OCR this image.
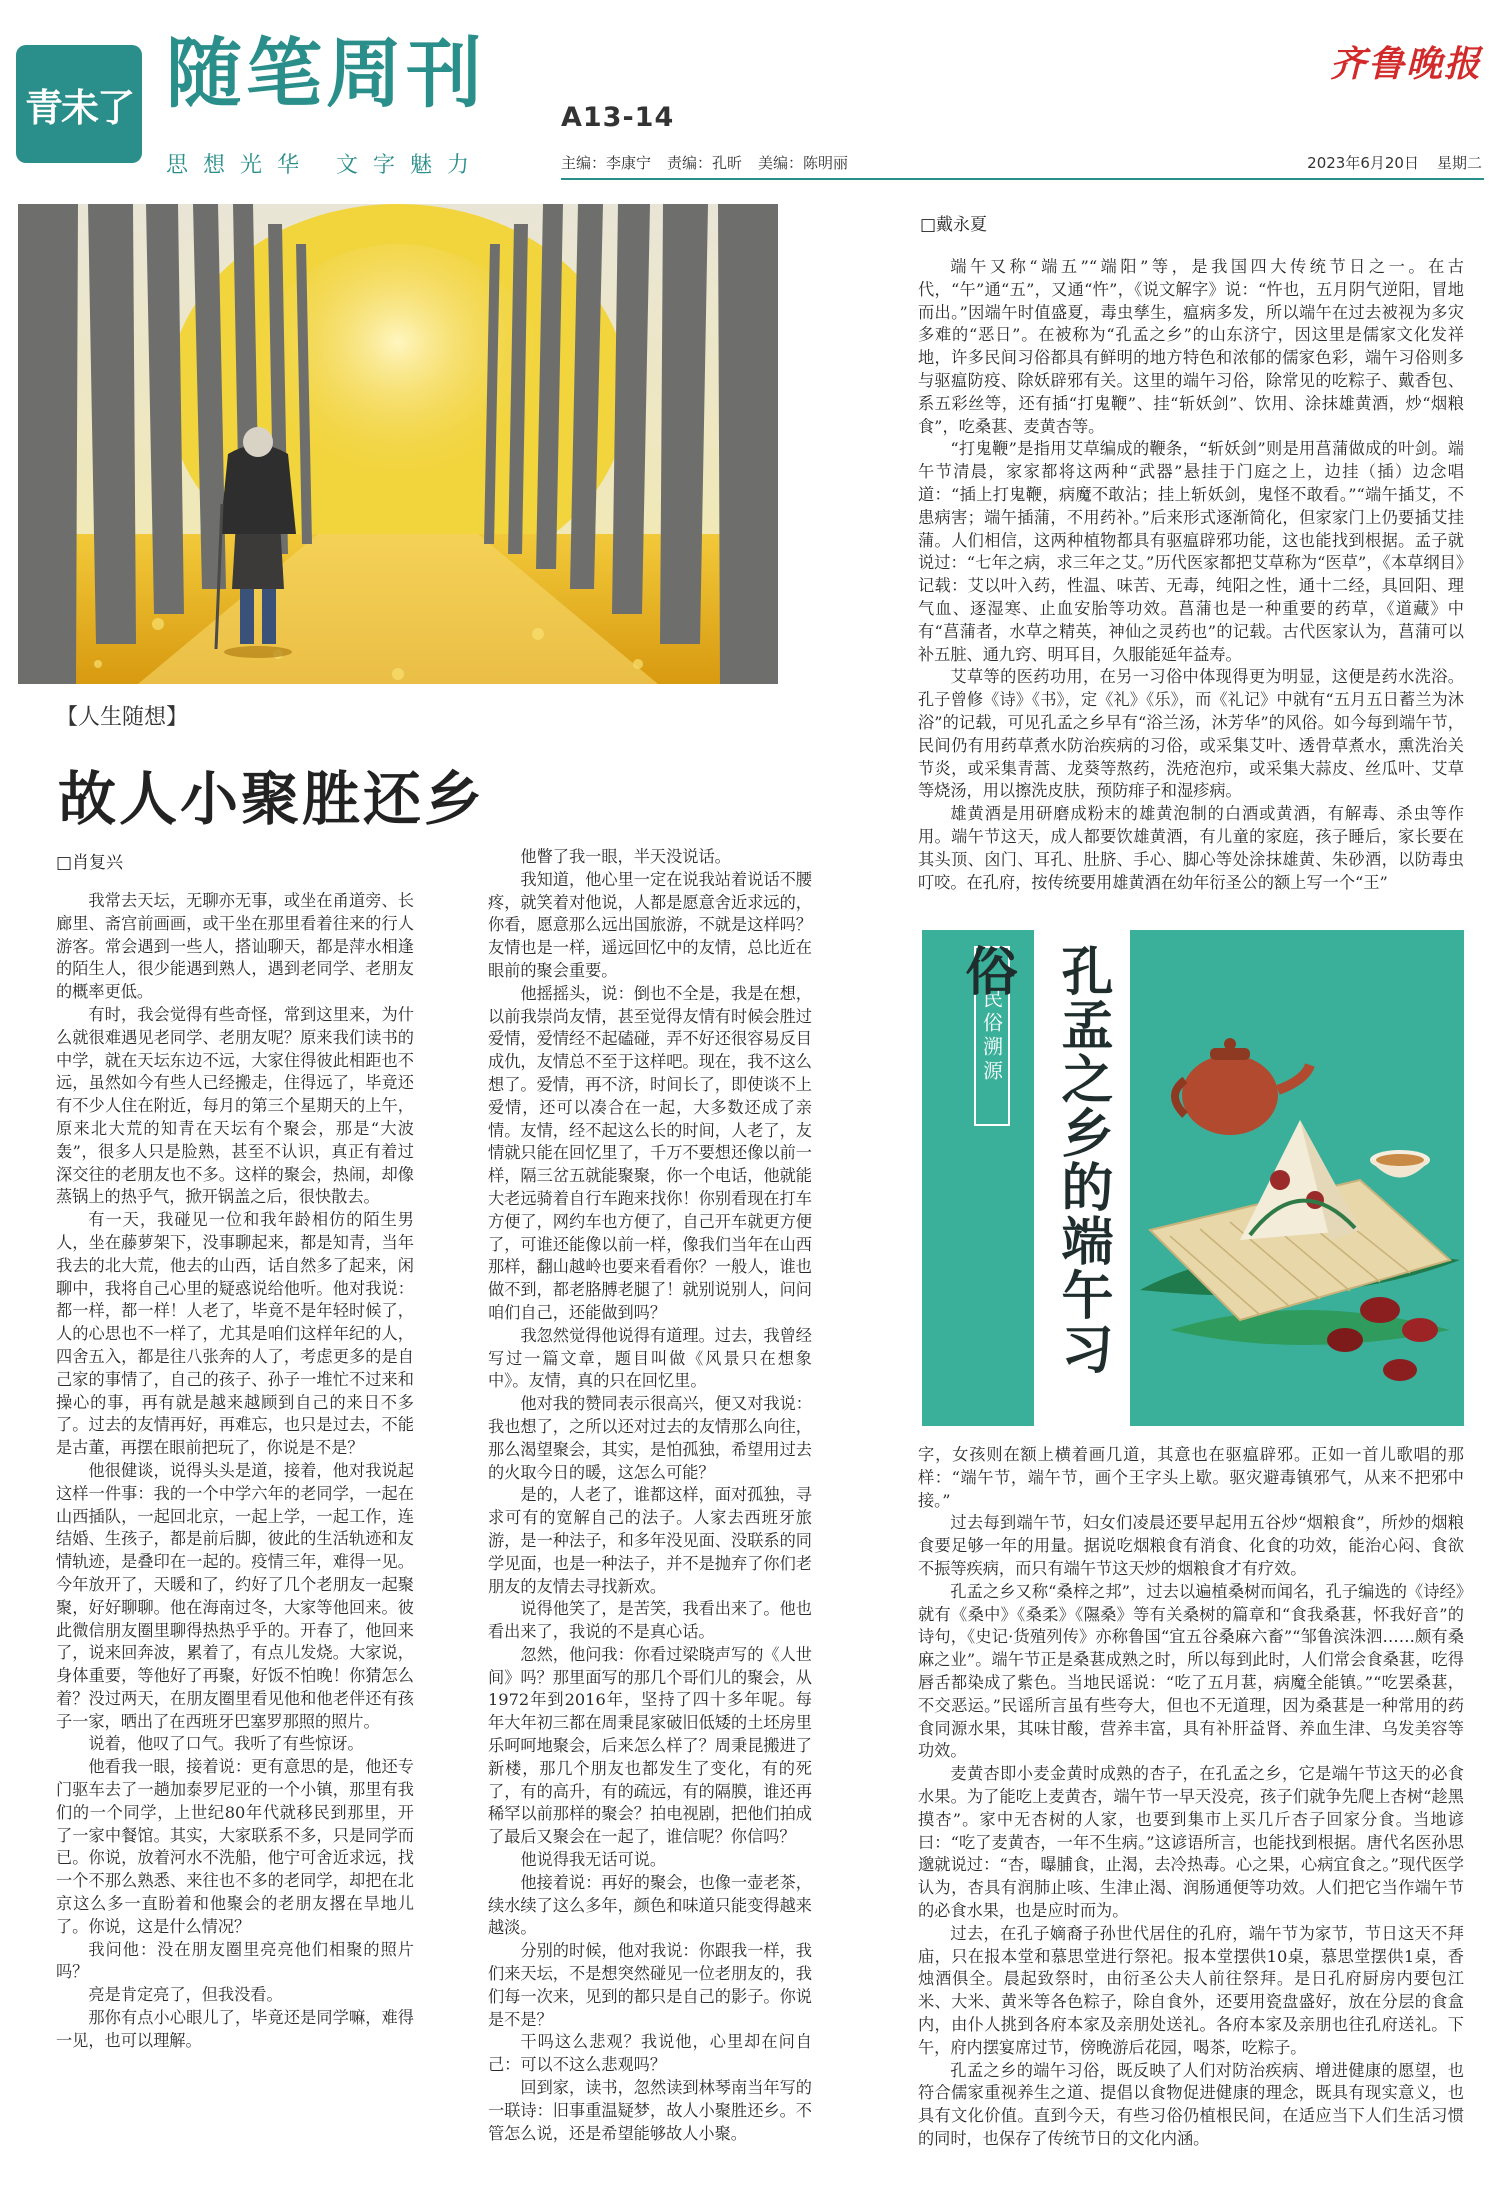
青未了 随笔周刊	A13-14
思想光华 文字魅力	主编：李康宁 责编：孔昕 美编：陈明丽
齐鲁晚报
2023年6月20日 星期二
【人生随想】
故人小聚胜还乡
□肖复兴

我常去天坛，无聊亦无事，或坐在甬道旁、长廊里、斋宫前画画，或干坐在那里看着往来的行人游客。常会遇到一些人，搭讪聊天，都是萍水相逢的陌生人，很少能遇到熟人，遇到老同学、老朋友的概率更低。

有时，我会觉得有些奇怪，常到这里来，为什么就很难遇见老同学、老朋友呢？原来我们读书的中学，就在天坛东边不远，大家住得彼此相距也不远，虽然如今有些人已经搬走，住得远了，毕竟还有不少人住在附近，每月的第三个星期天的上午，原来北大荒的知青在天坛有个聚会，那是“大波轰”，很多人只是脸熟，甚至不认识，真正有着过深交往的老朋友也不多。这样的聚会，热闹，却像蒸锅上的热乎气，掀开锅盖之后，很快散去。

有一天，我碰见一位和我年龄相仿的陌生男人，坐在藤萝架下，没事聊起来，都是知青，当年我去的北大荒，他去的山西，话自然多了起来，闲聊中，我将自己心里的疑惑说给他听。他对我说：都一样，都一样！人老了，毕竟不是年轻时候了，人的心思也不一样了，尤其是咱们这样年纪的人，四舍五入，都是往八张奔的人了，考虑更多的是自己家的事情了，自己的孩子、孙子一堆忙不过来和操心的事，再有就是越来越顾到自己的来日不多了。过去的友情再好，再难忘，也只是过去，不能是古董，再摆在眼前把玩了，你说是不是？

他很健谈，说得头头是道，接着，他对我说起这样一件事：我的一个中学六年的老同学，一起在山西插队，一起回北京，一起上学，一起工作，连结婚、生孩子，都是前后脚，彼此的生活轨迹和友情轨迹，是叠印在一起的。疫情三年，难得一见。今年放开了，天暖和了，约好了几个老朋友一起聚聚，好好聊聊。他在海南过冬，大家等他回来。彼此微信朋友圈里聊得热热乎乎的。开春了，他回来了，说来回奔波，累着了，有点儿发烧。大家说，身体重要，等他好了再聚，好饭不怕晚！你猜怎么着？没过两天，在朋友圈里看见他和他老伴还有孩子一家，晒出了在西班牙巴塞罗那照的照片。

说着，他叹了口气。我听了有些惊讶。

他看我一眼，接着说：更有意思的是，他还专门驱车去了一趟加泰罗尼亚的一个小镇，那里有我们的一个同学，上世纪80年代就移民到那里，开了一家中餐馆。其实，大家联系不多，只是同学而已。你说，放着河水不洗船，他宁可舍近求远，找一个不那么熟悉、来往也不多的老同学，却把在北京这么多一直盼着和他聚会的老朋友撂在旱地儿了。你说，这是什么情况？

我问他：没在朋友圈里亮亮他们相聚的照片吗？

亮是肯定亮了，但我没看。

那你有点小心眼儿了，毕竟还是同学嘛，难得一见，也可以理解。

他瞥了我一眼，半天没说话。

我知道，他心里一定在说我站着说话不腰疼，就笑着对他说，人都是愿意舍近求远的，你看，愿意那么远出国旅游，不就是这样吗？友情也是一样，遥远回忆中的友情，总比近在眼前的聚会重要。

他摇摇头，说：倒也不全是，我是在想，以前我崇尚友情，甚至觉得友情有时候会胜过爱情，爱情经不起磕碰，弄不好还很容易反目成仇，友情总不至于这样吧。现在，我不这么想了。爱情，再不济，时间长了，即使谈不上爱情，还可以凑合在一起，大多数还成了亲情。友情，经不起这么长的时间，人老了，友情就只能在回忆里了，千万不要想还像以前一样，隔三岔五就能聚聚，你一个电话，他就能大老远骑着自行车跑来找你！你别看现在打车方便了，网约车也方便了，自己开车就更方便了，可谁还能像以前一样，像我们当年在山西那样，翻山越岭也要来看看你？一般人，谁也做不到，都老胳膊老腿了！就别说别人，问问咱们自己，还能做到吗？

我忽然觉得他说得有道理。过去，我曾经写过一篇文章，题目叫做《风景只在想象中》。友情，真的只在回忆里。

他对我的赞同表示很高兴，便又对我说：我也想了，之所以还对过去的友情那么向往，那么渴望聚会，其实，是怕孤独，希望用过去的火取今日的暖，这怎么可能？

是的，人老了，谁都这样，面对孤独，寻求可有的宽解自己的法子。人家去西班牙旅游，是一种法子，和多年没见面、没联系的同学见面，也是一种法子，并不是抛弃了你们老朋友的友情去寻找新欢。

说得他笑了，是苦笑，我看出来了。他也看出来了，我说的不是真心话。

忽然，他问我：你看过梁晓声写的《人世间》吗？那里面写的那几个哥们儿的聚会，从1972年到2016年，坚持了四十多年呢。每年大年初三都在周秉昆家破旧低矮的土坯房里乐呵呵地聚会，后来怎么样了？周秉昆搬进了新楼，那几个朋友也都发生了变化，有的死了，有的高升，有的疏远，有的隔膜，谁还再稀罕以前那样的聚会？拍电视剧，把他们拍成了最后又聚会在一起了，谁信呢？你信吗？

他说得我无话可说。

他接着说：再好的聚会，也像一壶老茶，续水续了这么多年，颜色和味道只能变得越来越淡。

分别的时候，他对我说：你跟我一样，我们来天坛，不是想突然碰见一位老朋友的，我们每一次来，见到的都只是自己的影子。你说是不是？

干吗这么悲观？我说他，心里却在问自己：可以不这么悲观吗？

回到家，读书，忽然读到林琴南当年写的一联诗：旧事重温疑梦，故人小聚胜还乡。不管怎么说，还是希望能够故人小聚。

□戴永夏

端午又称“端五”“端阳”等，是我国四大传统节日之一。在古代，“午”通“五”，又通“忤”，《说文解字》说：“忤也，五月阴气逆阳，冒地而出。”因端午时值盛夏，毒虫孳生，瘟病多发，所以端午在过去被视为多灾多难的“恶日”。在被称为“孔孟之乡”的山东济宁，因这里是儒家文化发祥地，许多民间习俗都具有鲜明的地方特色和浓郁的儒家色彩，端午习俗则多与驱瘟防疫、除妖辟邪有关。这里的端午习俗，除常见的吃粽子、戴香包、系五彩丝等，还有插“打鬼鞭”、挂“斩妖剑”、饮用、涂抹雄黄酒，炒“烟粮食”，吃桑葚、麦黄杏等。

“打鬼鞭”是指用艾草编成的鞭条，“斩妖剑”则是用菖蒲做成的叶剑。端午节清晨，家家都将这两种“武器”悬挂于门庭之上，边挂（插）边念唱道：“插上打鬼鞭，病魔不敢沾；挂上斩妖剑，鬼怪不敢看。”“端午插艾，不患病害；端午插蒲，不用药补。”后来形式逐渐简化，但家家门上仍要插艾挂蒲。人们相信，这两种植物都具有驱瘟辟邪功能，这也能找到根据。孟子就说过：“七年之病，求三年之艾。”历代医家都把艾草称为“医草”，《本草纲目》记载：艾以叶入药，性温、味苦、无毒，纯阳之性，通十二经，具回阳、理气血、逐湿寒、止血安胎等功效。菖蒲也是一种重要的药草，《道藏》中有“菖蒲者，水草之精英，神仙之灵药也”的记载。古代医家认为，菖蒲可以补五脏、通九窍、明耳目，久服能延年益寿。

艾草等的医药功用，在另一习俗中体现得更为明显，这便是药水洗浴。孔子曾修《诗》《书》，定《礼》《乐》，而《礼记》中就有“五月五日蓄兰为沐浴”的记载，可见孔孟之乡早有“浴兰汤，沐芳华”的风俗。如今每到端午节，民间仍有用药草煮水防治疾病的习俗，或采集艾叶、透骨草煮水，熏洗治关节炎，或采集青蒿、龙葵等熬药，洗疮泡疖，或采集大蒜皮、丝瓜叶、艾草等烧汤，用以擦洗皮肤，预防痱子和湿疹病。

雄黄酒是用研磨成粉末的雄黄泡制的白酒或黄酒，有解毒、杀虫等作用。端午节这天，成人都要饮雄黄酒，有儿童的家庭，孩子睡后，家长要在其头顶、囟门、耳孔、肚脐、手心、脚心等处涂抹雄黄、朱砂酒，以防毒虫叮咬。在孔府，按传统要用雄黄酒在幼年衍圣公的额上写一个“王”

民俗溯源 孔孟之乡的端午习俗

字，女孩则在额上横着画几道，其意也在驱瘟辟邪。正如一首儿歌唱的那样：“端午节，端午节，画个王字头上歇。驱灾避毒镇邪气，从来不把邪中接。”

过去每到端午节，妇女们凌晨还要早起用五谷炒“烟粮食”，所炒的烟粮食要足够一年的用量。据说吃烟粮食有消食、化食的功效，能治心闷、食欲不振等疾病，而只有端午节这天炒的烟粮食才有疗效。

孔孟之乡又称“桑梓之邦”，过去以遍植桑树而闻名，孔子编选的《诗经》就有《桑中》《桑柔》《隰桑》等有关桑树的篇章和“食我桑葚，怀我好音”的诗句，《史记·货殖列传》亦称鲁国“宜五谷桑麻六畜”“邹鲁滨洙泗……颇有桑麻之业”。端午节正是桑葚成熟之时，所以每到此时，人们常会食桑葚，吃得唇舌都染成了紫色。当地民谣说：“吃了五月葚，病魔全能镇。”“吃罢桑葚，不交恶运。”民谣所言虽有些夸大，但也不无道理，因为桑葚是一种常用的药食同源水果，其味甘酸，营养丰富，具有补肝益肾、养血生津、乌发美容等功效。

麦黄杏即小麦金黄时成熟的杏子，在孔孟之乡，它是端午节这天的必食水果。为了能吃上麦黄杏，端午节一早天没亮，孩子们就争先爬上杏树“趁黑摸杏”。家中无杏树的人家，也要到集市上买几斤杏子回家分食。当地谚曰：“吃了麦黄杏，一年不生病。”这谚语所言，也能找到根据。唐代名医孙思邈就说过：“杏，曝脯食，止渴，去冷热毒。心之果，心病宜食之。”现代医学认为，杏具有润肺止咳、生津止渴、润肠通便等功效。人们把它当作端午节的必食水果，也是应时而为。

过去，在孔子嫡裔子孙世代居住的孔府，端午节为家节，节日这天不拜庙，只在报本堂和慕思堂进行祭祀。报本堂摆供10桌，慕思堂摆供1桌，香烛酒俱全。晨起致祭时，由衍圣公夫人前往祭拜。是日孔府厨房内要包江米、大米、黄米等各色粽子，除自食外，还要用瓷盘盛好，放在分层的食盒内，由仆人挑到各府本家及亲朋处送礼。各府本家及亲朋也往孔府送礼。下午，府内摆宴席过节，傍晚游后花园，喝茶，吃粽子。

孔孟之乡的端午习俗，既反映了人们对防治疾病、增进健康的愿望，也符合儒家重视养生之道、提倡以食物促进健康的理念，既具有现实意义，也具有文化价值。直到今天，有些习俗仍植根民间，在适应当下人们生活习惯的同时，也保存了传统节日的文化内涵。
